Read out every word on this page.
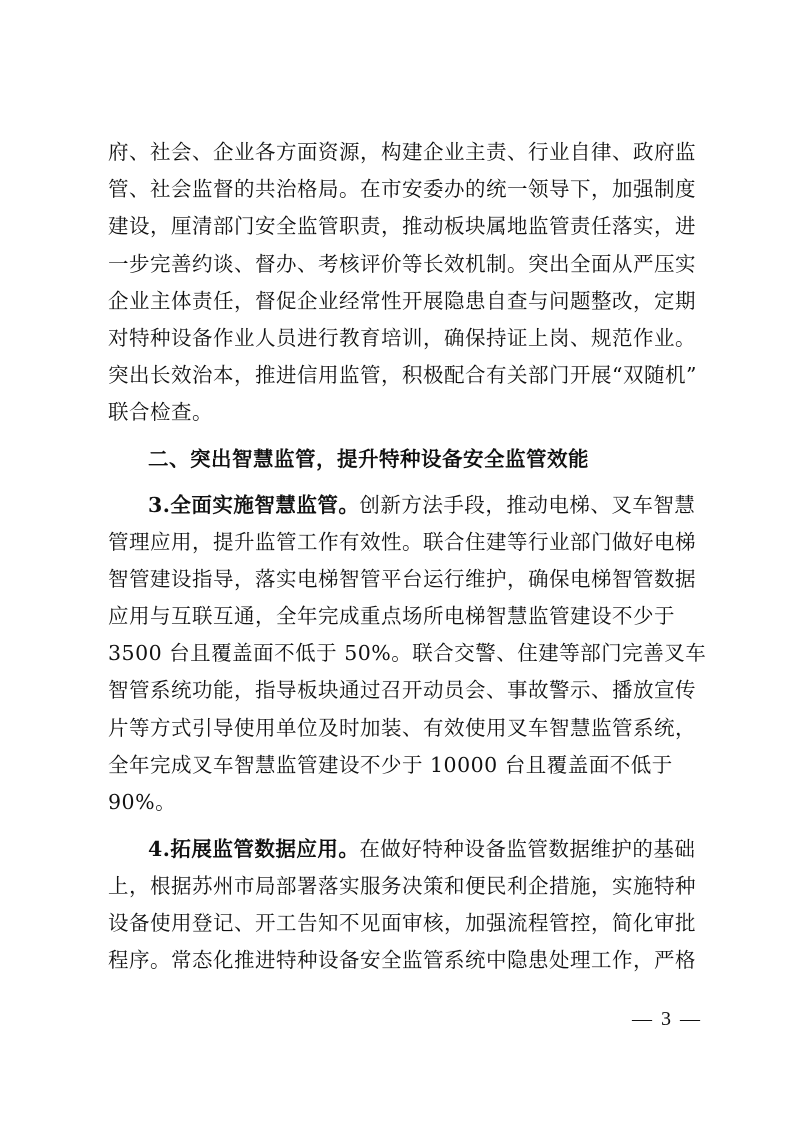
府、社会、企业各方面资源，构建企业主责、行业自律、政府监
管、社会监督的共治格局。在市安委办的统一领导下，加强制度
建设，厘清部门安全监管职责，推动板块属地监管责任落实，进
一步完善约谈、督办、考核评价等长效机制。突出全面从严压实
企业主体责任，督促企业经常性开展隐患自查与问题整改，定期
对特种设备作业人员进行教育培训，确保持证上岗、规范作业。
突出长效治本，推进信用监管，积极配合有关部门开展“双随机”
联合检查。
二、突出智慧监管，提升特种设备安全监管效能
3.全面实施智慧监管。创新方法手段，推动电梯、叉车智慧
管理应用，提升监管工作有效性。联合住建等行业部门做好电梯
智管建设指导，落实电梯智管平台运行维护，确保电梯智管数据
应用与互联互通，全年完成重点场所电梯智慧监管建设不少于
3500 台且覆盖面不低于 50%。联合交警、住建等部门完善叉车
智管系统功能，指导板块通过召开动员会、事故警示、播放宣传
片等方式引导使用单位及时加装、有效使用叉车智慧监管系统，
全年完成叉车智慧监管建设不少于 10000 台且覆盖面不低于
90%。
4.拓展监管数据应用。在做好特种设备监管数据维护的基础
上，根据苏州市局部署落实服务决策和便民利企措施，实施特种
设备使用登记、开工告知不见面审核，加强流程管控，简化审批
程序。常态化推进特种设备安全监管系统中隐患处理工作，严格
— 3 —
